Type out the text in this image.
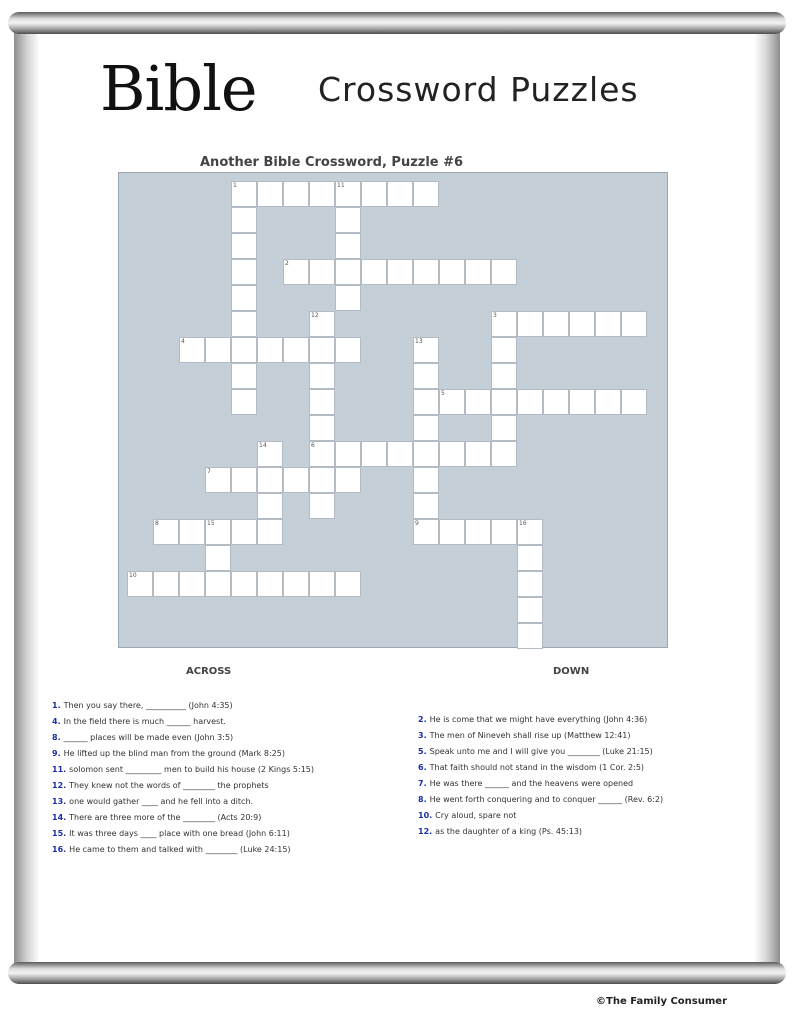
Bible Crossword Puzzles
Another Bible Crossword, Puzzle #6
1	11
2
3
4
5
6
7
8	15	9	16
10
12
13
14
ACROSS	DOWN
1. Then you say there, __________ (John 4:35)
4. In the field there is much ______ harvest.
8. ______ places will be made even (John 3:5)
9. He lifted up the blind man from the ground (Mark 8:25)
11. solomon sent _________ men to build his house (2 Kings 5:15)
12. They knew not the words of ________ the prophets
13. one would gather ____ and he fell into a ditch.
14. There are three more of the ________ (Acts 20:9)
15. It was three days ____ place with one bread (John 6:11)
16. He came to them and talked with ________ (Luke 24:15)
2. He is come that we might have everything (John 4:36)
3. The men of Nineveh shall rise up (Matthew 12:41)
5. Speak unto me and I will give you ________ (Luke 21:15)
6. That faith should not stand in the wisdom (1 Cor. 2:5)
7. He was there ______ and the heavens were opened
8. He went forth conquering and to conquer ______ (Rev. 6:2)
10. Cry aloud, spare not
12. as the daughter of a king (Ps. 45:13)
©The Family Consumer
